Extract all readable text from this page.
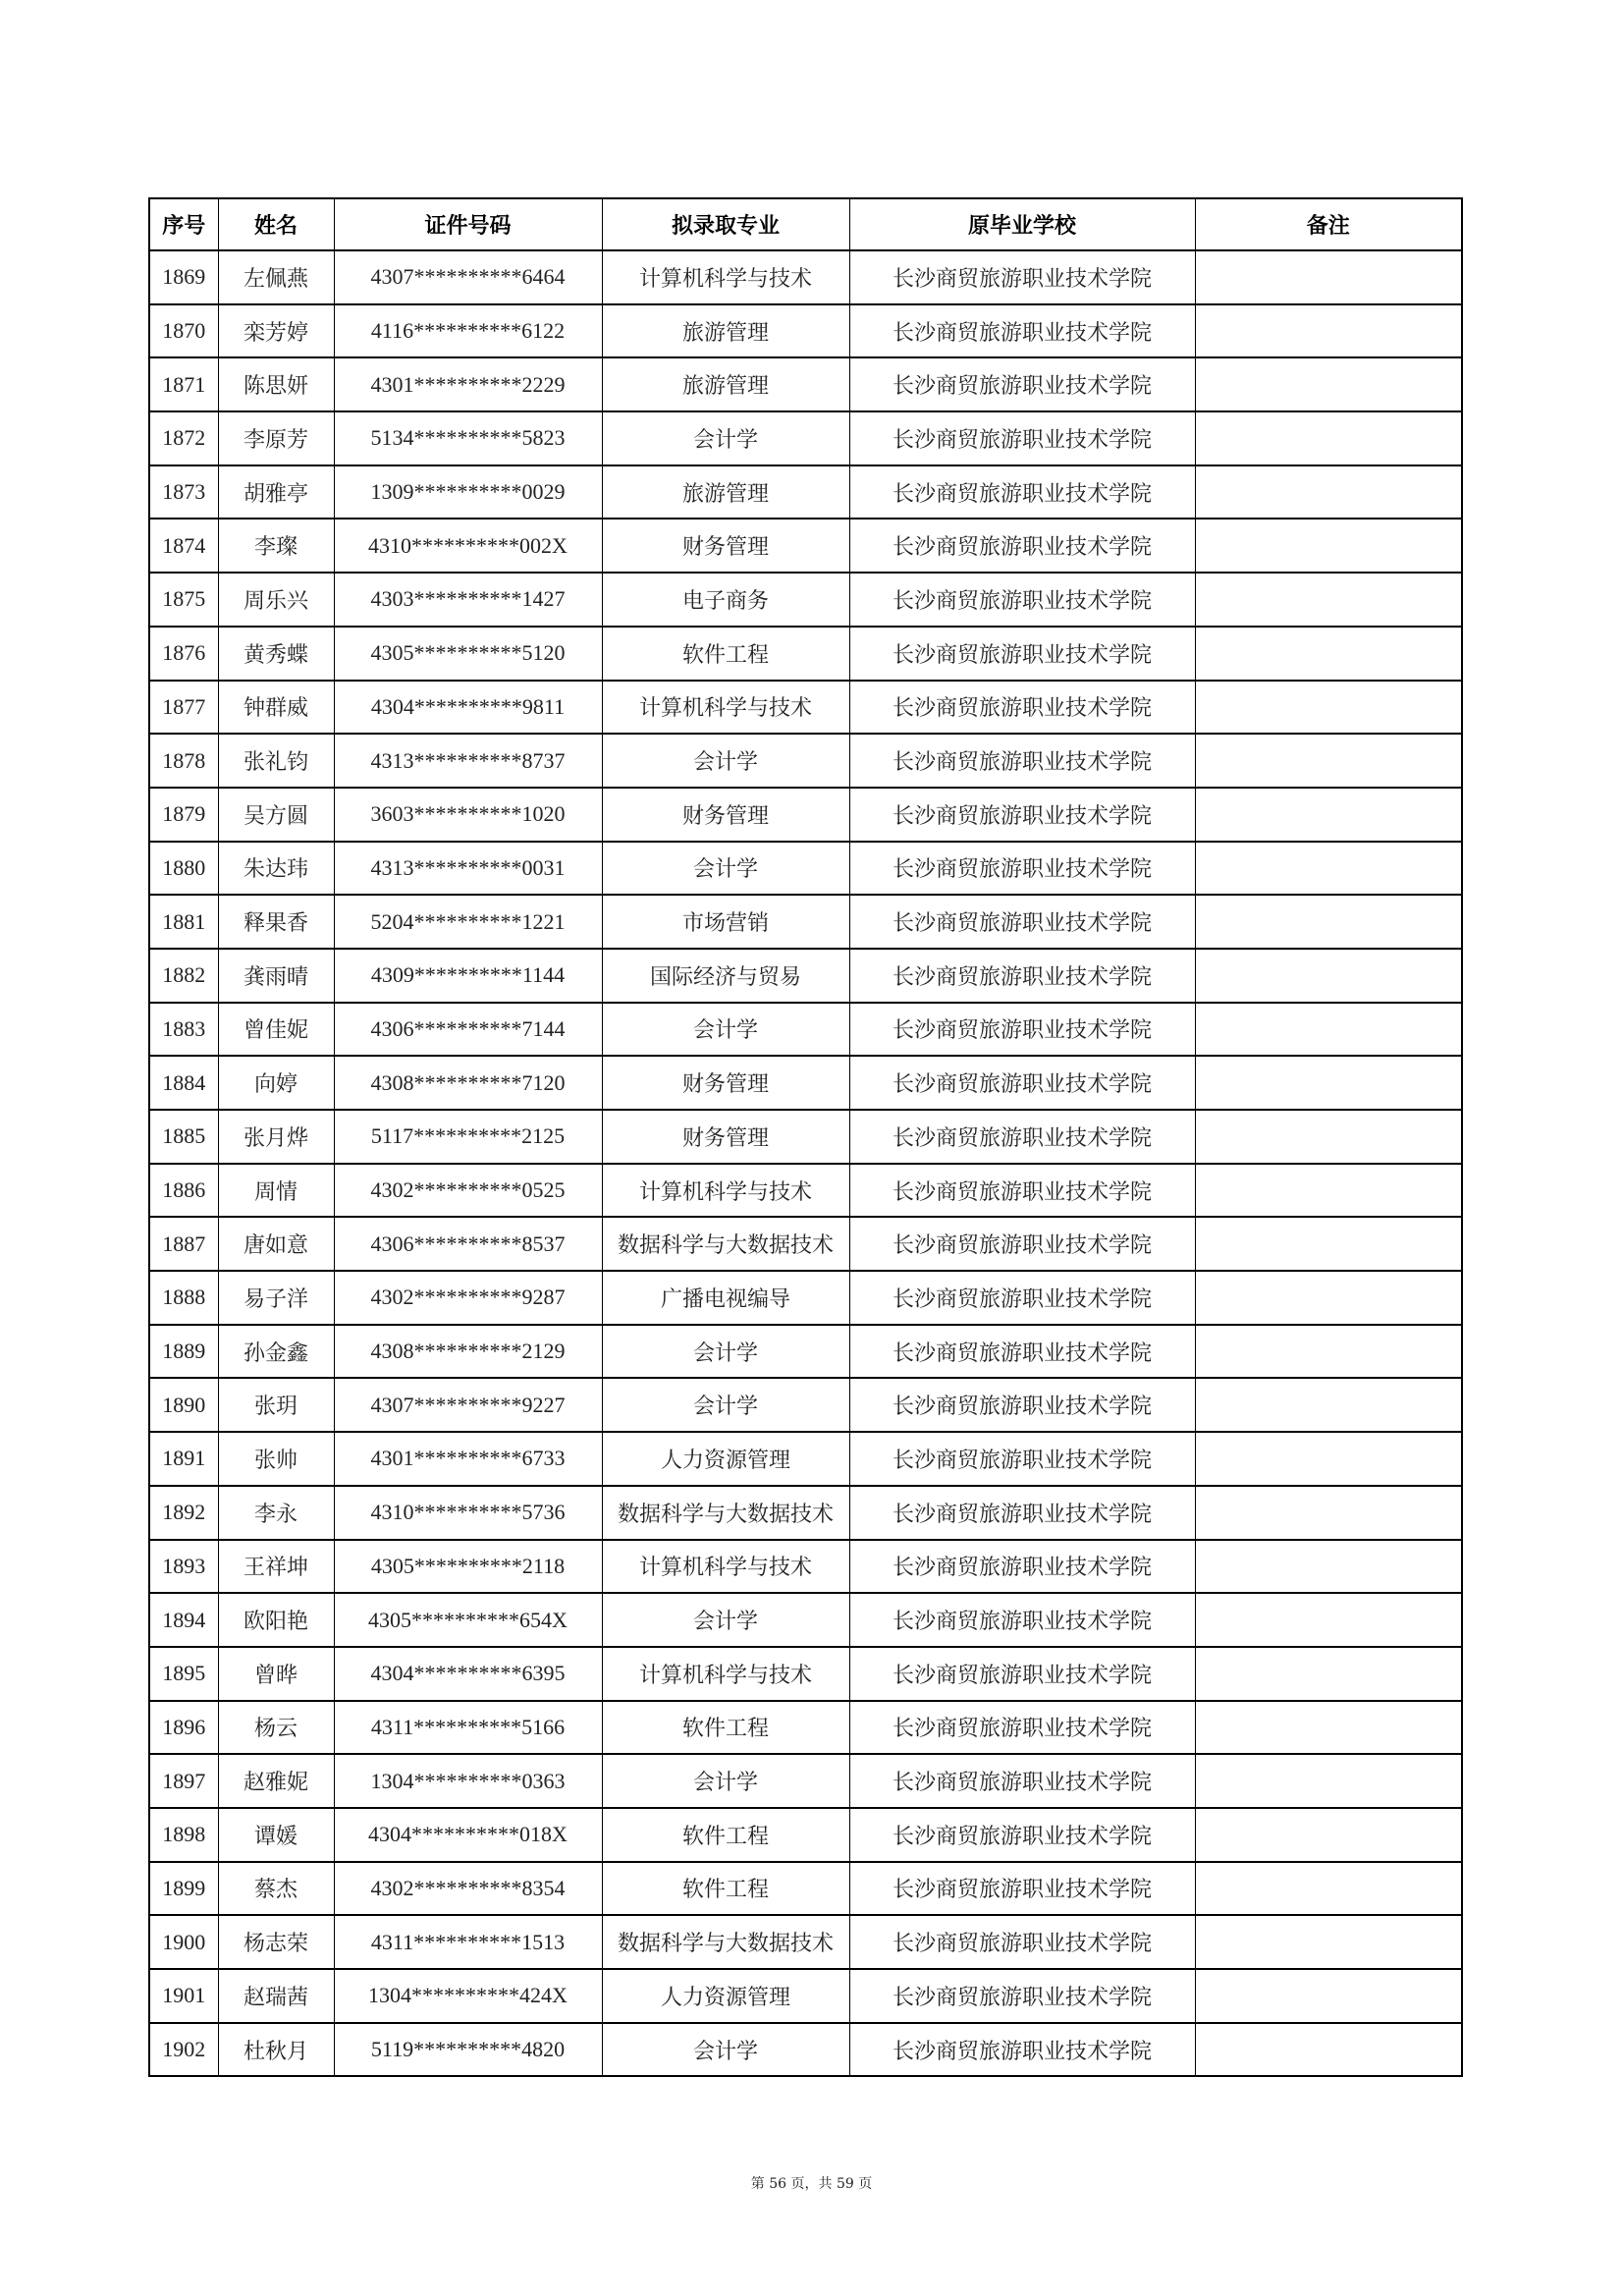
序号	姓名	证件号码	拟录取专业	原毕业学校	备注
1869	左佩燕	4307**********6464	计算机科学与技术	长沙商贸旅游职业技术学院	
1870	栾芳婷	4116**********6122	旅游管理	长沙商贸旅游职业技术学院	
1871	陈思妍	4301**********2229	旅游管理	长沙商贸旅游职业技术学院	
1872	李原芳	5134**********5823	会计学	长沙商贸旅游职业技术学院	
1873	胡雅亭	1309**********0029	旅游管理	长沙商贸旅游职业技术学院	
1874	李璨	4310**********002X	财务管理	长沙商贸旅游职业技术学院	
1875	周乐兴	4303**********1427	电子商务	长沙商贸旅游职业技术学院	
1876	黄秀蝶	4305**********5120	软件工程	长沙商贸旅游职业技术学院	
1877	钟群威	4304**********9811	计算机科学与技术	长沙商贸旅游职业技术学院	
1878	张礼钧	4313**********8737	会计学	长沙商贸旅游职业技术学院	
1879	吴方圆	3603**********1020	财务管理	长沙商贸旅游职业技术学院	
1880	朱达玮	4313**********0031	会计学	长沙商贸旅游职业技术学院	
1881	释果香	5204**********1221	市场营销	长沙商贸旅游职业技术学院	
1882	龚雨晴	4309**********1144	国际经济与贸易	长沙商贸旅游职业技术学院	
1883	曾佳妮	4306**********7144	会计学	长沙商贸旅游职业技术学院	
1884	向婷	4308**********7120	财务管理	长沙商贸旅游职业技术学院	
1885	张月烨	5117**********2125	财务管理	长沙商贸旅游职业技术学院	
1886	周情	4302**********0525	计算机科学与技术	长沙商贸旅游职业技术学院	
1887	唐如意	4306**********8537	数据科学与大数据技术	长沙商贸旅游职业技术学院	
1888	易子洋	4302**********9287	广播电视编导	长沙商贸旅游职业技术学院	
1889	孙金鑫	4308**********2129	会计学	长沙商贸旅游职业技术学院	
1890	张玥	4307**********9227	会计学	长沙商贸旅游职业技术学院	
1891	张帅	4301**********6733	人力资源管理	长沙商贸旅游职业技术学院	
1892	李永	4310**********5736	数据科学与大数据技术	长沙商贸旅游职业技术学院	
1893	王祥坤	4305**********2118	计算机科学与技术	长沙商贸旅游职业技术学院	
1894	欧阳艳	4305**********654X	会计学	长沙商贸旅游职业技术学院	
1895	曾晔	4304**********6395	计算机科学与技术	长沙商贸旅游职业技术学院	
1896	杨云	4311**********5166	软件工程	长沙商贸旅游职业技术学院	
1897	赵雅妮	1304**********0363	会计学	长沙商贸旅游职业技术学院	
1898	谭媛	4304**********018X	软件工程	长沙商贸旅游职业技术学院	
1899	蔡杰	4302**********8354	软件工程	长沙商贸旅游职业技术学院	
1900	杨志荣	4311**********1513	数据科学与大数据技术	长沙商贸旅游职业技术学院	
1901	赵瑞茜	1304**********424X	人力资源管理	长沙商贸旅游职业技术学院	
1902	杜秋月	5119**********4820	会计学	长沙商贸旅游职业技术学院	
第 56 页，共 59 页
